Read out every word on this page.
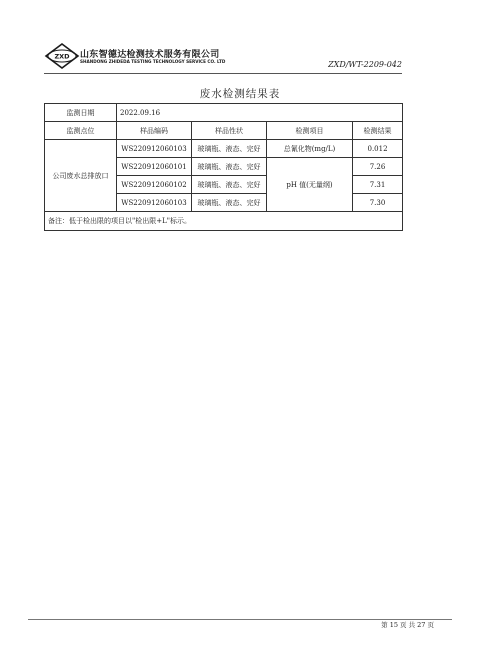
ZXD 山东智德达检测技术服务有限公司
SHANDONG ZHIDEDA TESTING TECHNOLOGY SERVICE CO. LTD	ZXD/WT-2209-042
废水检测结果表
监测日期	2022.09.16			
监测点位	样品编码	样品性状	检测项目	检测结果
公司废水总排放口	WS220912060103	玻璃瓶、液态、完好	总氰化物(mg/L)	0.012
	WS220912060101	玻璃瓶、液态、完好	pH 值(无量纲)	7.26
	WS220912060102	玻璃瓶、液态、完好		7.31
	WS220912060103	玻璃瓶、液态、完好		7.30
备注：低于检出限的项目以"检出限+L"标示。				
第 15 页 共 27 页
